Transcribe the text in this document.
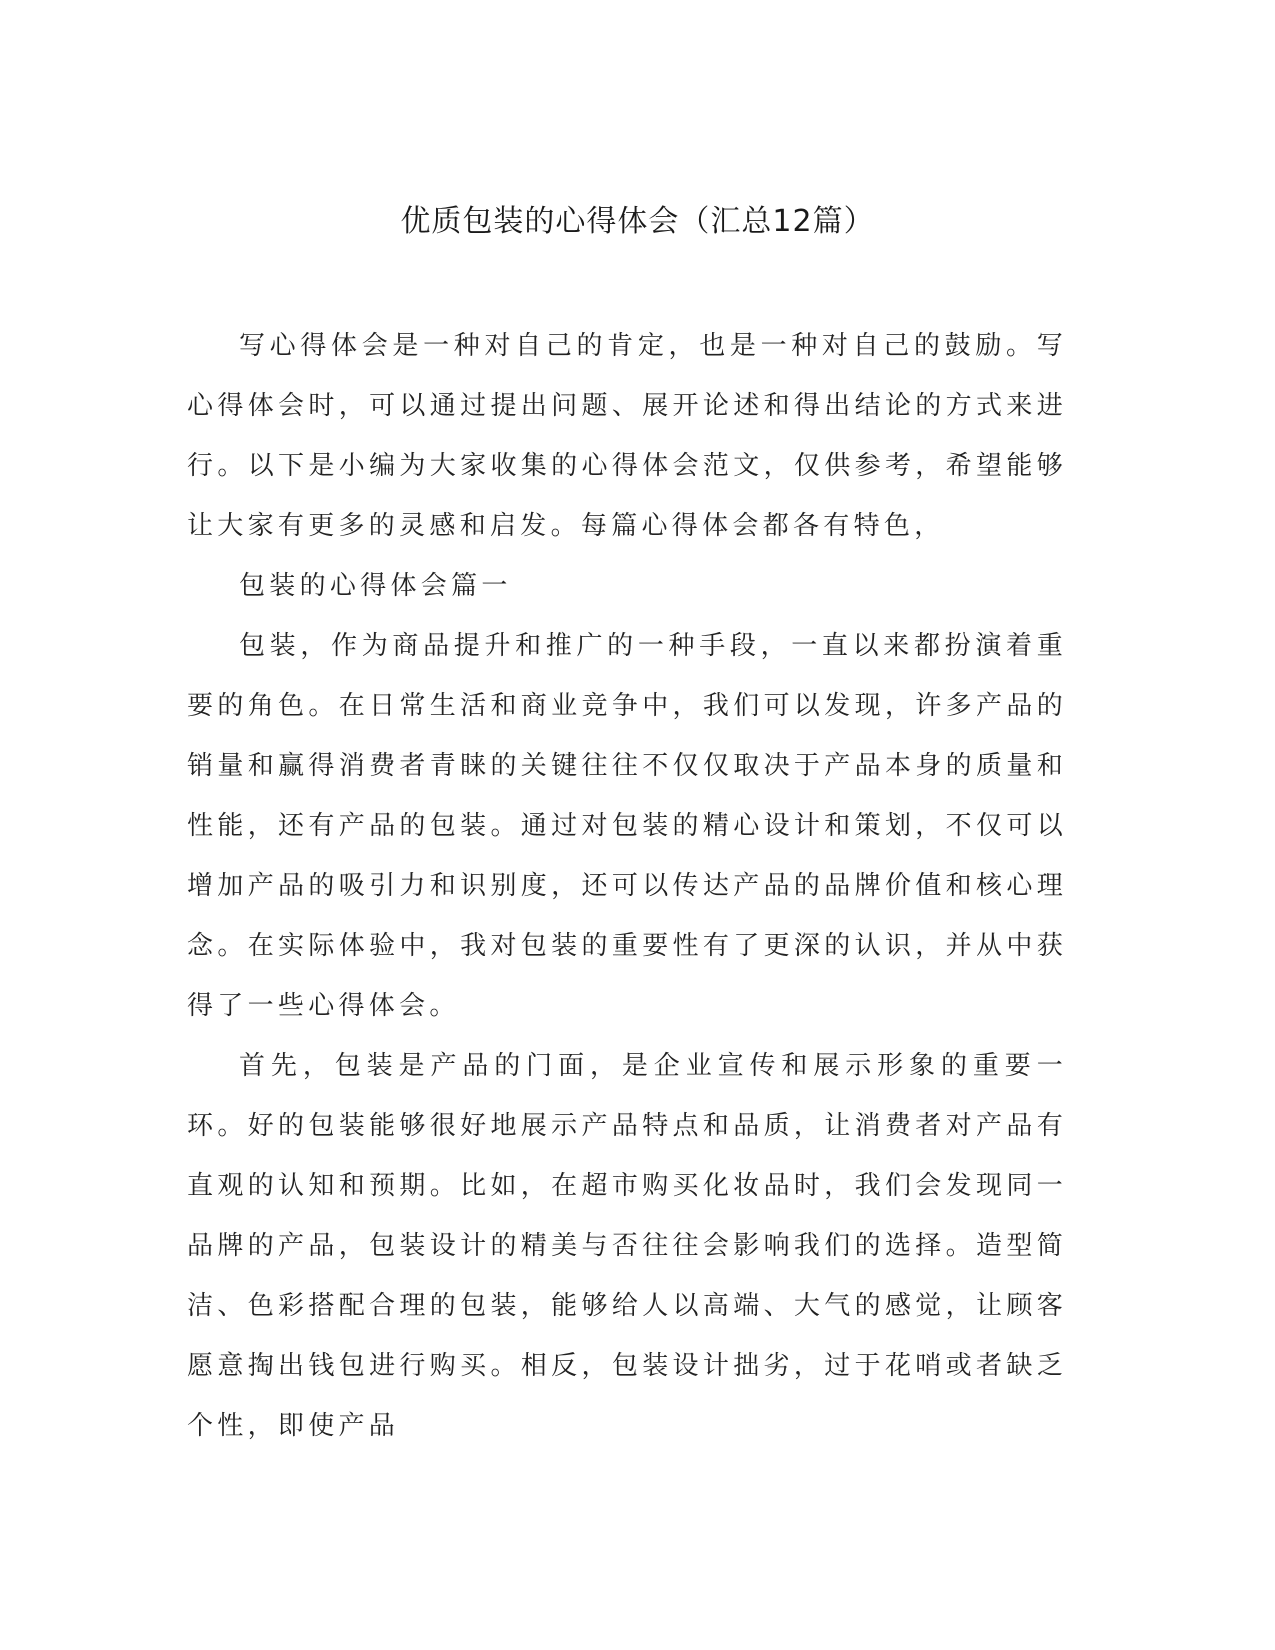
优质包装的心得体会（汇总12篇）

写心得体会是一种对自己的肯定，也是一种对自己的鼓励。写心得体会时，可以通过提出问题、展开论述和得出结论的方式来进行。以下是小编为大家收集的心得体会范文，仅供参考，希望能够让大家有更多的灵感和启发。每篇心得体会都各有特色，

包装的心得体会篇一

包装，作为商品提升和推广的一种手段，一直以来都扮演着重要的角色。在日常生活和商业竞争中，我们可以发现，许多产品的销量和赢得消费者青睐的关键往往不仅仅取决于产品本身的质量和性能，还有产品的包装。通过对包装的精心设计和策划，不仅可以增加产品的吸引力和识别度，还可以传达产品的品牌价值和核心理念。在实际体验中，我对包装的重要性有了更深的认识，并从中获得了一些心得体会。

首先，包装是产品的门面，是企业宣传和展示形象的重要一环。好的包装能够很好地展示产品特点和品质，让消费者对产品有直观的认知和预期。比如，在超市购买化妆品时，我们会发现同一品牌的产品，包装设计的精美与否往往会影响我们的选择。造型简洁、色彩搭配合理的包装，能够给人以高端、大气的感觉，让顾客愿意掏出钱包进行购买。相反，包装设计拙劣，过于花哨或者缺乏个性，即使产品
